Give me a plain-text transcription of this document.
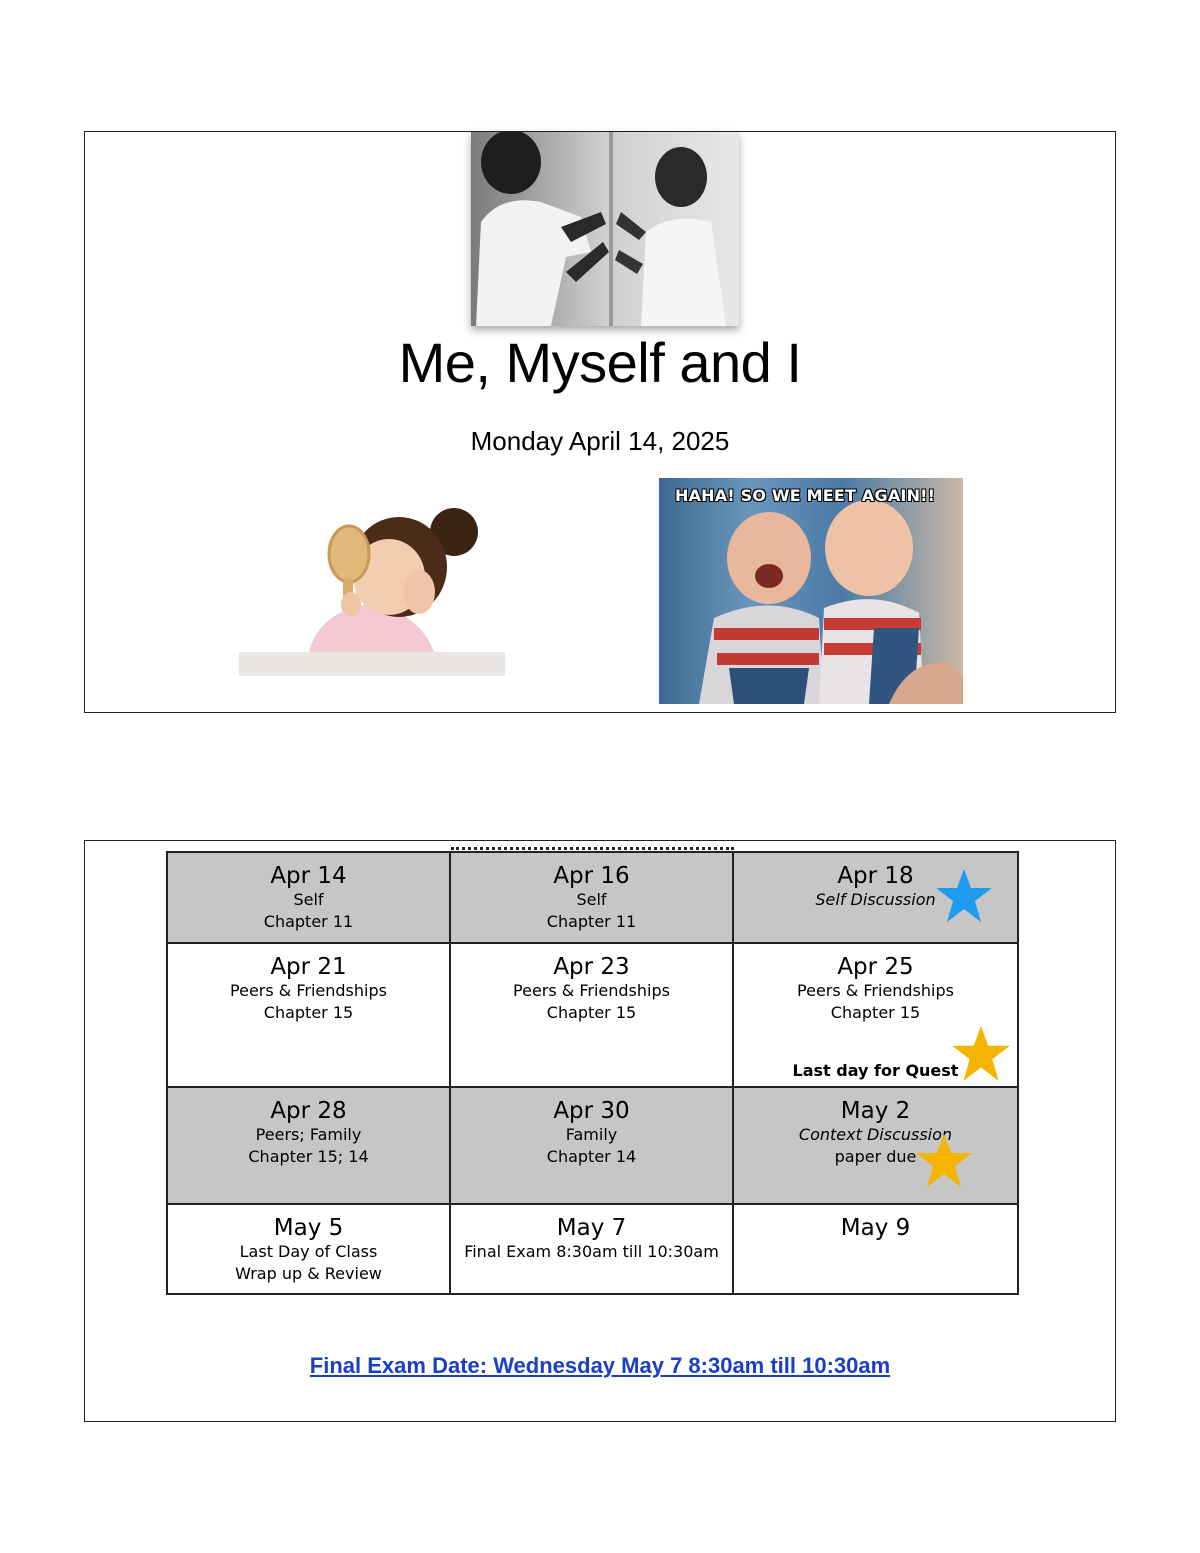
Me, Myself and I
Monday April 14, 2025
HAHA! SO WE MEET AGAIN!!
Apr 14
Self
Chapter 11	Apr 16
Self
Chapter 11	Apr 18
Self Discussion

Apr 21
Peers & Friendships
Chapter 15	Apr 23
Peers & Friendships
Chapter 15	Apr 25
Peers & Friendships
Chapter 15
Last day for Quest

Apr 28
Peers; Family
Chapter 15; 14	Apr 30
Family
Chapter 14	May 2
Context Discussion
paper due

May 5
Last Day of Class
Wrap up & Review	May 7
Final Exam 8:30am till 10:30am	May 9
Final Exam Date: Wednesday May 7 8:30am till 10:30am
